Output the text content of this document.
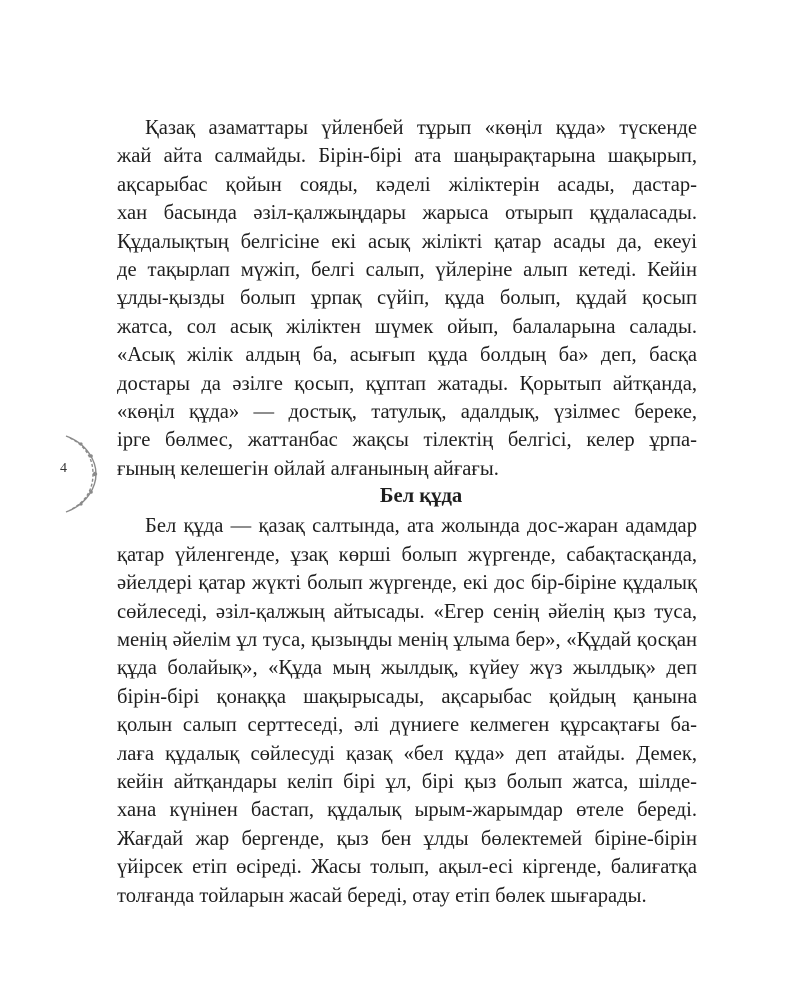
4
Қазақ азаматтары үйленбей тұрып «көңіл құда» түскенде
жай айта салмайды. Бірін-бірі ата шаңырақтарына шақырып,
ақсарыбас қойын сояды, кәделі жіліктерін асады, дастар-
хан басында әзіл-қалжыңдары жарыса отырып құдаласады.
Құдалықтың белгісіне екі асық жілікті қатар асады да, екеуі
де тақырлап мүжіп, белгі салып, үйлеріне алып кетеді. Кейін
ұлды-қызды болып ұрпақ сүйіп, құда болып, құдай қосып
жатса, сол асық жіліктен шүмек ойып, балаларына салады.
«Асық жілік алдың ба, асығып құда болдың ба» деп, басқа
достары да әзілге қосып, құптап жатады. Қорытып айтқанда,
«көңіл құда» — достық, татулық, адалдық, үзілмес береке,
ірге бөлмес, жаттанбас жақсы тілектің белгісі, келер ұрпа-
ғының келешегін ойлай алғанының айғағы.
Бел құда
Бел құда — қазақ салтында, ата жолында дос-жаран адамдар
қатар үйленгенде, ұзақ көрші болып жүргенде, сабақтасқанда,
әйелдері қатар жүкті болып жүргенде, екі дос бір-біріне құдалық
сөйлеседі, әзіл-қалжың айтысады. «Егер сенің әйелің қыз туса,
менің әйелім ұл туса, қызыңды менің ұлыма бер», «Құдай қосқан
құда болайық», «Құда мың жылдық, күйеу жүз жылдық» деп
бірін-бірі қонаққа шақырысады, ақсарыбас қойдың қанына
қолын салып серттеседі, әлі дүниеге келмеген құрсақтағы ба-
лаға құдалық сөйлесуді қазақ «бел құда» деп атайды. Демек,
кейін айтқандары келіп бірі ұл, бірі қыз болып жатса, шілде-
хана күнінен бастап, құдалық ырым-жарымдар өтеле береді.
Жағдай жар бергенде, қыз бен ұлды бөлектемей біріне-бірін
үйірсек етіп өсіреді. Жасы толып, ақыл-есі кіргенде, балиғатқа
толғанда тойларын жасай береді, отау етіп бөлек шығарады.
